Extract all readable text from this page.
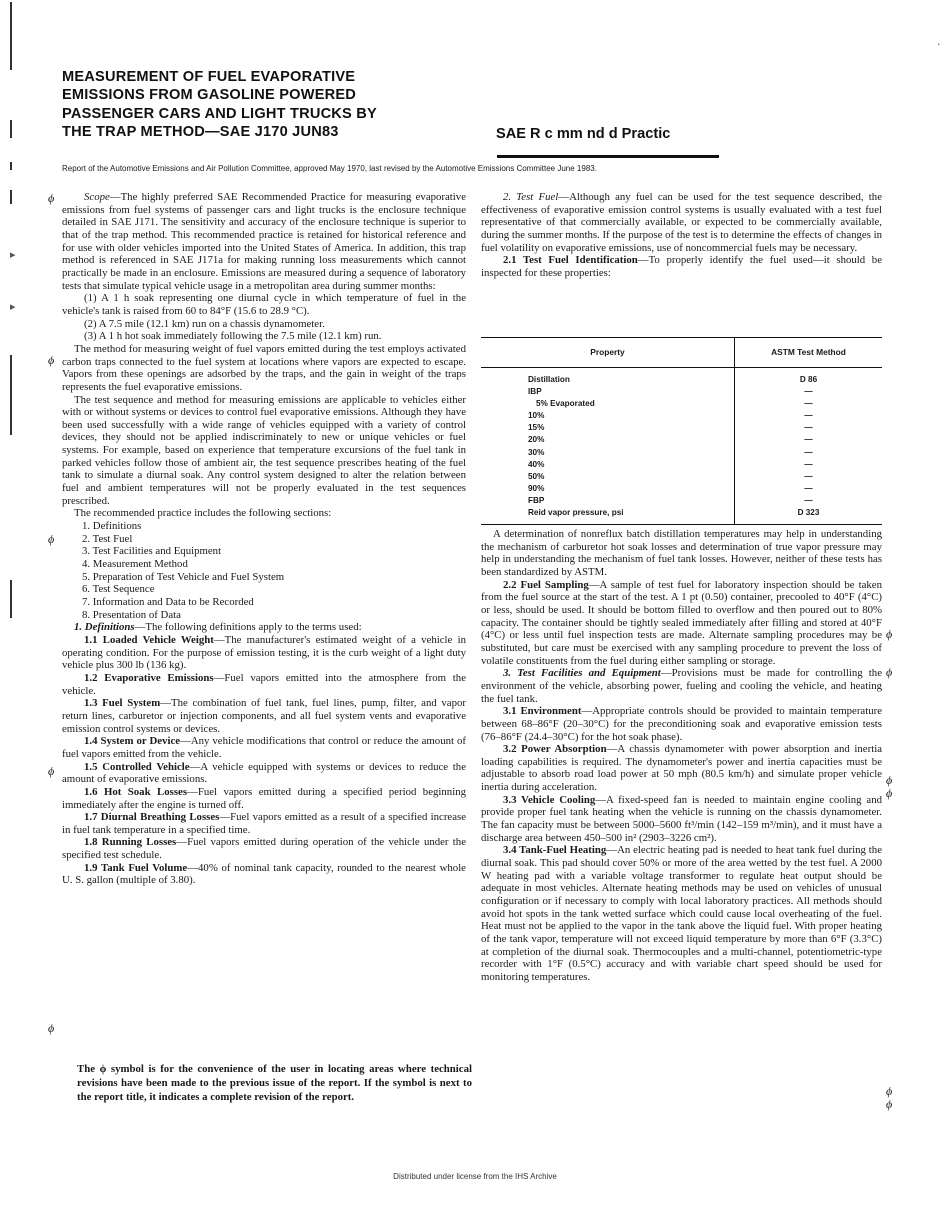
▸
▸
·
MEASUREMENT OF FUEL EVAPORATIVE
EMISSIONS FROM GASOLINE POWERED
PASSENGER CARS AND LIGHT TRUCKS BY
THE TRAP METHOD—SAE J170 JUN83	SAE R c mm nd d Practic
Report of the Automotive Emissions and Air Pollution Committee, approved May 1970, last revised by the Automotive Emissions Committee June 1983.
ϕ
ϕ
ϕ
ϕ
ϕ
ϕ
ϕ
ϕ
ϕ
ϕ
ϕ

Scope—The highly preferred SAE Recommended Practice for measuring evaporative emissions from fuel systems of passenger cars and light trucks is the enclosure technique detailed in SAE J171. The sensitivity and accuracy of the enclosure technique is superior to that of the trap method. This recommended practice is retained for historical reference and for use with older vehicles imported into the United States of America. In addition, this trap method is referenced in SAE J171a for making running loss measurements which cannot practically be made in an enclosure. Emissions are measured during a sequence of laboratory tests that simulate typical vehicle usage in a metropolitan area during summer months:

(1) A 1 h soak representing one diurnal cycle in which temperature of fuel in the vehicle's tank is raised from 60 to 84°F (15.6 to 28.9 °C).

(2) A 7.5 mile (12.1 km) run on a chassis dynamometer.

(3) A 1 h hot soak immediately following the 7.5 mile (12.1 km) run.

The method for measuring weight of fuel vapors emitted during the test employs activated carbon traps connected to the fuel system at locations where vapors are expected to escape. Vapors from these openings are adsorbed by the traps, and the gain in weight of the traps represents the fuel evaporative emissions.

The test sequence and method for measuring emissions are applicable to vehicles either with or without systems or devices to control fuel evaporative emissions. Although they have been used successfully with a wide range of vehicles equipped with a variety of control devices, they should not be applied indiscriminately to new or unique vehicles or fuel systems. For example, based on experience that temperature excursions of the fuel tank in parked vehicles follow those of ambient air, the test sequence prescribes heating of the fuel tank to simulate a diurnal soak. Any control system designed to alter the relation between fuel and ambient temperatures will not be properly evaluated in the test sequences prescribed.

The recommended practice includes the following sections:

1. Definitions

2. Test Fuel

3. Test Facilities and Equipment

4. Measurement Method

5. Preparation of Test Vehicle and Fuel System

6. Test Sequence

7. Information and Data to be Recorded

8. Presentation of Data

1. Definitions—The following definitions apply to the terms used:

1.1 Loaded Vehicle Weight—The manufacturer's estimated weight of a vehicle in operating condition. For the purpose of emission testing, it is the curb weight of a light duty vehicle plus 300 lb (136 kg).

1.2 Evaporative Emissions—Fuel vapors emitted into the atmosphere from the vehicle.

1.3 Fuel System—The combination of fuel tank, fuel lines, pump, filter, and vapor return lines, carburetor or injection components, and all fuel system vents and evaporative emission control systems or devices.

1.4 System or Device—Any vehicle modifications that control or reduce the amount of fuel vapors emitted from the vehicle.

1.5 Controlled Vehicle—A vehicle equipped with systems or devices to reduce the amount of evaporative emissions.

1.6 Hot Soak Losses—Fuel vapors emitted during a specified period beginning immediately after the engine is turned off.

1.7 Diurnal Breathing Losses—Fuel vapors emitted as a result of a specified increase in fuel tank temperature in a specified time.

1.8 Running Losses—Fuel vapors emitted during operation of the vehicle under the specified test schedule.

1.9 Tank Fuel Volume—40% of nominal tank capacity, rounded to the nearest whole U. S. gallon (multiple of 3.80).

The ϕ symbol is for the convenience of the user in locating areas where technical revisions have been made to the previous issue of the report. If the symbol is next to the report title, it indicates a complete revision of the report.

2. Test Fuel—Although any fuel can be used for the test sequence described, the effectiveness of evaporative emission control systems is usually evaluated with a test fuel representative of that commercially available, or expected to be commercially available, during the summer months. If the purpose of the test is to determine the effects of changes in fuel volatility on evaporative emissions, use of noncommercial fuels may be necessary.

2.1 Test Fuel Identification—To properly identify the fuel used—it should be inspected for these properties:

Property	ASTM Test Method
Distillation	D 86
IBP	—
5% Evaporated	—
10%	—
15%	—
20%	—
30%	—
40%	—
50%	—
90%	—
FBP	—
Reid vapor pressure, psi	D 323

A determination of nonreflux batch distillation temperatures may help in understanding the mechanism of carburetor hot soak losses and determination of true vapor pressure may help in understanding the mechanism of fuel tank losses. However, neither of these tests has been standardized by ASTM.

2.2 Fuel Sampling—A sample of test fuel for laboratory inspection should be taken from the fuel source at the start of the test. A 1 pt (0.50) container, precooled to 40°F (4°C) or less, should be used. It should be bottom filled to overflow and then poured out to 80% capacity. The container should be tightly sealed immediately after filling and stored at 40°F (4°C) or less until fuel inspection tests are made. Alternate sampling procedures may be substituted, but care must be exercised with any sampling procedure to prevent the loss of volatile constituents from the fuel during either sampling or storage.

3. Test Facilities and Equipment—Provisions must be made for controlling the environment of the vehicle, absorbing power, fueling and cooling the vehicle, and heating the fuel tank.

3.1 Environment—Appropriate controls should be provided to maintain temperature between 68–86°F (20–30°C) for the preconditioning soak and evaporative emission tests (76–86°F (24.4–30°C) for the hot soak phase).

3.2 Power Absorption—A chassis dynamometer with power absorption and inertia loading capabilities is required. The dynamometer's power and inertia capacities must be adjustable to absorb road load power at 50 mph (80.5 km/h) and simulate proper vehicle inertia during acceleration.

3.3 Vehicle Cooling—A fixed-speed fan is needed to maintain engine cooling and provide proper fuel tank heating when the vehicle is running on the chassis dynamometer. The fan capacity must be between 5000–5600 ft³/min (142–159 m³/min), and it must have a discharge area between 450–500 in² (2903–3226 cm²).

3.4 Tank-Fuel Heating—An electric heating pad is needed to heat tank fuel during the diurnal soak. This pad should cover 50% or more of the area wetted by the test fuel. A 2000 W heating pad with a variable voltage transformer to regulate heat output should be adequate in most vehicles. Alternate heating methods may be used on vehicles of unusual configuration or if necessary to comply with local laboratory practices. All methods should avoid hot spots in the tank wetted surface which could cause local overheating of the fuel. Heat must not be applied to the vapor in the tank above the liquid fuel. With proper heating of the tank vapor, temperature will not exceed liquid temperature by more than 6°F (3.3°C) at completion of the diurnal soak. Thermocouples and a multi-channel, potentiometric-type recorder with 1°F (0.5°C) accuracy and with variable chart speed should be used for monitoring temperatures.

Distributed under license from the IHS Archive
